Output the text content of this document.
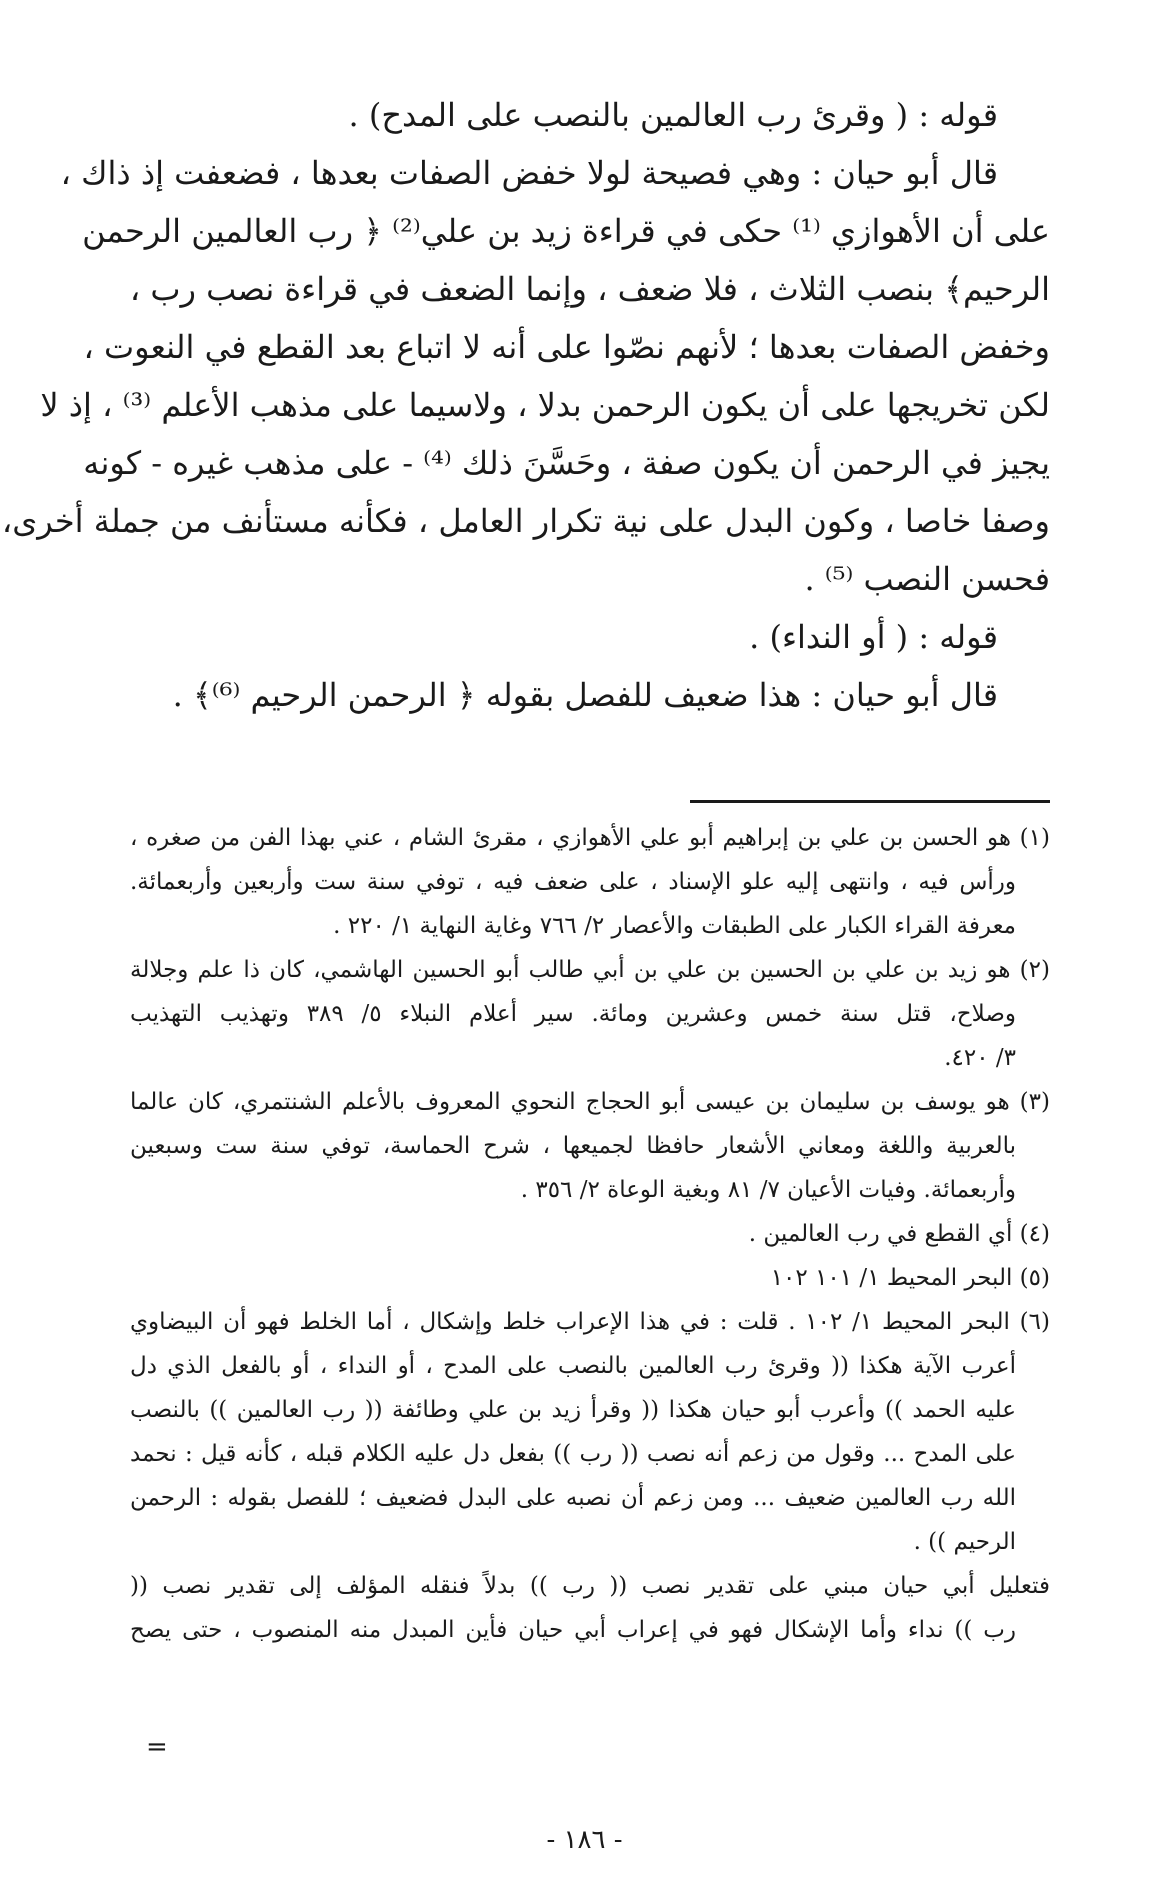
قوله : ( وقرئ رب العالمين بالنصب على المدح) .
قال أبو حيان : وهي فصيحة لولا خفض الصفات بعدها ، فضعفت إذ ذاك ،
على أن الأهوازي ⁽¹⁾ حكى في قراءة زيد بن علي⁽²⁾ ﴿ رب العالمين الرحمن
الرحيم﴾ بنصب الثلاث ، فلا ضعف ، وإنما الضعف في قراءة نصب رب ،
وخفض الصفات بعدها ؛ لأنهم نصّوا على أنه لا اتباع بعد القطع في النعوت ،
لكن تخريجها على أن يكون الرحمن بدلا ، ولاسيما على مذهب الأعلم ⁽³⁾ ، إذ لا
يجيز في الرحمن أن يكون صفة ، وحَسَّنَ ذلك ⁽⁴⁾ - على مذهب غيره - كونه
وصفا خاصا ، وكون البدل على نية تكرار العامل ، فكأنه مستأنف من جملة أخرى،
فحسن النصب ⁽⁵⁾ .
قوله : ( أو النداء) .
قال أبو حيان : هذا ضعيف للفصل بقوله ﴿ الرحمن الرحيم ⁽⁶⁾﴾ .
(١) هو الحسن بن علي بن إبراهيم أبو علي الأهوازي ، مقرئ الشام ، عني بهذا الفن من صغره ،
ورأس فيه ، وانتهى إليه علو الإسناد ، على ضعف فيه ، توفي سنة ست وأربعين وأربعمائة.
معرفة القراء الكبار على الطبقات والأعصار ٢/ ٧٦٦ وغاية النهاية ١/ ٢٢٠ .
(٢) هو زيد بن علي بن الحسين بن علي بن أبي طالب أبو الحسين الهاشمي، كان ذا علم وجلالة
وصلاح، قتل سنة خمس وعشرين ومائة. سير أعلام النبلاء ٥/ ٣٨٩ وتهذيب التهذيب
٣/ ٤٢٠.
(٣) هو يوسف بن سليمان بن عيسى أبو الحجاج النحوي المعروف بالأعلم الشنتمري، كان عالما
بالعربية واللغة ومعاني الأشعار حافظا لجميعها ، شرح الحماسة، توفي سنة ست وسبعين
وأربعمائة. وفيات الأعيان ٧/ ٨١ وبغية الوعاة ٢/ ٣٥٦ .
(٤) أي القطع في رب العالمين .
(٥) البحر المحيط ١/ ١٠١ ١٠٢
(٦) البحر المحيط ١/ ١٠٢ . قلت : في هذا الإعراب خلط وإشكال ، أما الخلط فهو أن البيضاوي
أعرب الآية هكذا (( وقرئ رب العالمين بالنصب على المدح ، أو النداء ، أو بالفعل الذي دل
عليه الحمد )) وأعرب أبو حيان هكذا (( وقرأ زيد بن علي وطائفة (( رب العالمين )) بالنصب
على المدح ... وقول من زعم أنه نصب (( رب )) بفعل دل عليه الكلام قبله ، كأنه قيل : نحمد
الله رب العالمين ضعيف ... ومن زعم أن نصبه على البدل فضعيف ؛ للفصل بقوله : الرحمن
الرحيم )) .
فتعليل أبي حيان مبني على تقدير نصب (( رب )) بدلاً فنقله المؤلف إلى تقدير نصب ((
رب )) نداء وأما الإشكال فهو في إعراب أبي حيان فأين المبدل منه المنصوب ، حتى يصح
=
- ١٨٦ -
